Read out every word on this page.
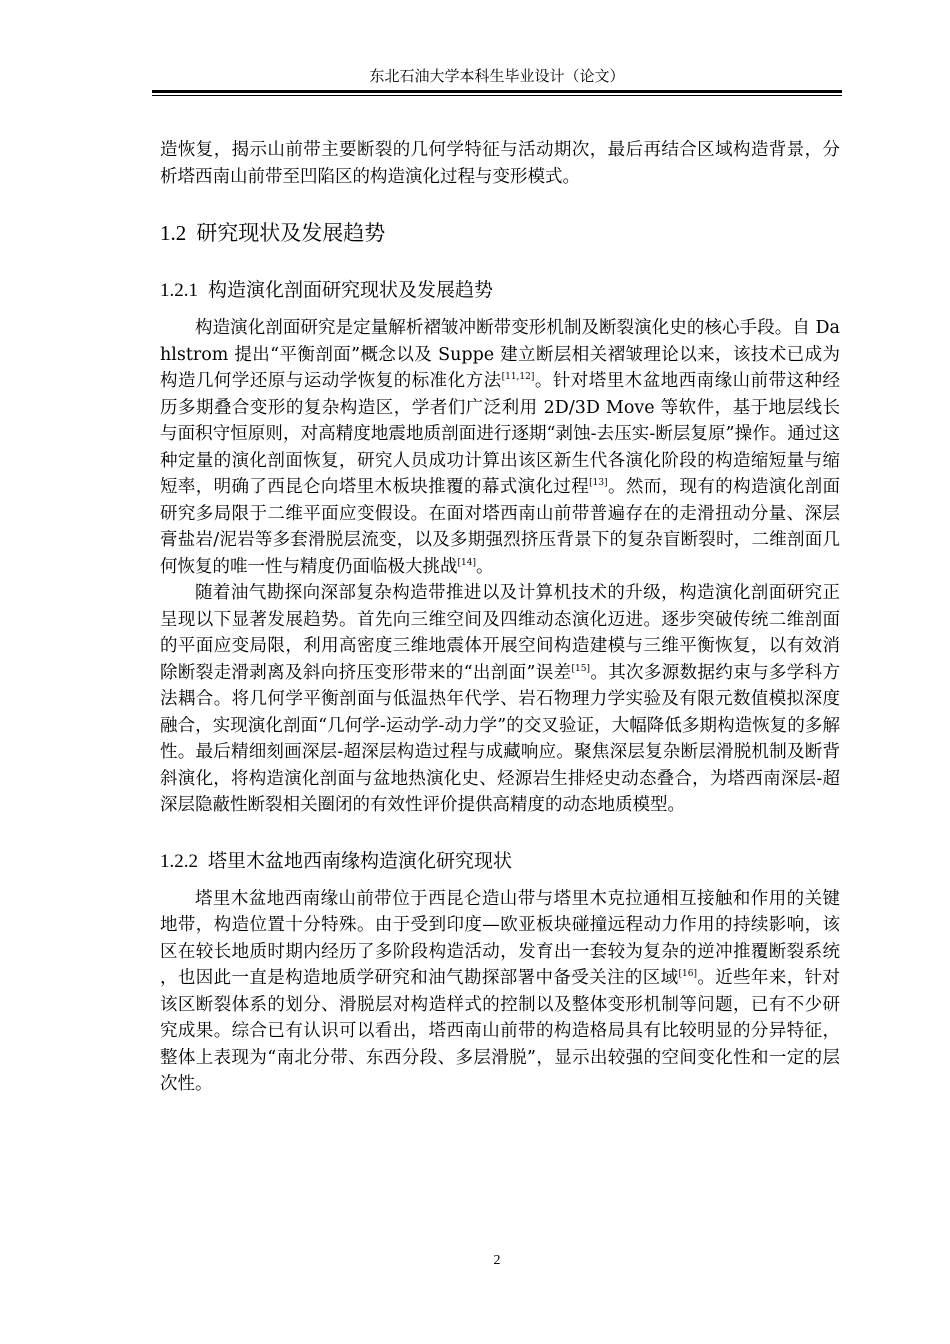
东北石油大学本科生毕业设计（论文）

造恢复，揭示山前带主要断裂的几何学特征与活动期次，最后再结合区域构造背景，分析塔西南山前带至凹陷区的构造演化过程与变形模式。

1.2 研究现状及发展趋势
1.2.1 构造演化剖面研究现状及发展趋势

构造演化剖面研究是定量解析褶皱冲断带变形机制及断裂演化史的核心手段。自 Dahlstrom 提出“平衡剖面”概念以及 Suppe 建立断层相关褶皱理论以来，该技术已成为构造几何学还原与运动学恢复的标准化方法[11,12]。针对塔里木盆地西南缘山前带这种经历多期叠合变形的复杂构造区，学者们广泛利用 2D/3D Move 等软件，基于地层线长与面积守恒原则，对高精度地震地质剖面进行逐期“剥蚀-去压实-断层复原”操作。通过这种定量的演化剖面恢复，研究人员成功计算出该区新生代各演化阶段的构造缩短量与缩短率，明确了西昆仑向塔里木板块推覆的幕式演化过程[13]。然而，现有的构造演化剖面研究多局限于二维平面应变假设。在面对塔西南山前带普遍存在的走滑扭动分量、深层膏盐岩/泥岩等多套滑脱层流变，以及多期强烈挤压背景下的复杂盲断裂时，二维剖面几何恢复的唯一性与精度仍面临极大挑战[14]。

随着油气勘探向深部复杂构造带推进以及计算机技术的升级，构造演化剖面研究正呈现以下显著发展趋势。首先向三维空间及四维动态演化迈进。逐步突破传统二维剖面的平面应变局限，利用高密度三维地震体开展空间构造建模与三维平衡恢复，以有效消除断裂走滑剥离及斜向挤压变形带来的“出剖面”误差[15]。其次多源数据约束与多学科方法耦合。将几何学平衡剖面与低温热年代学、岩石物理力学实验及有限元数值模拟深度融合，实现演化剖面“几何学-运动学-动力学”的交叉验证，大幅降低多期构造恢复的多解性。最后精细刻画深层-超深层构造过程与成藏响应。聚焦深层复杂断层滑脱机制及断背斜演化，将构造演化剖面与盆地热演化史、烃源岩生排烃史动态叠合，为塔西南深层-超深层隐蔽性断裂相关圈闭的有效性评价提供高精度的动态地质模型。

1.2.2 塔里木盆地西南缘构造演化研究现状

塔里木盆地西南缘山前带位于西昆仑造山带与塔里木克拉通相互接触和作用的关键地带，构造位置十分特殊。由于受到印度—欧亚板块碰撞远程动力作用的持续影响，该区在较长地质时期内经历了多阶段构造活动，发育出一套较为复杂的逆冲推覆断裂系统，也因此一直是构造地质学研究和油气勘探部署中备受关注的区域[16]。近些年来，针对该区断裂体系的划分、滑脱层对构造样式的控制以及整体变形机制等问题，已有不少研究成果。综合已有认识可以看出，塔西南山前带的构造格局具有比较明显的分异特征，整体上表现为“南北分带、东西分段、多层滑脱”，显示出较强的空间变化性和一定的层次性。

2
